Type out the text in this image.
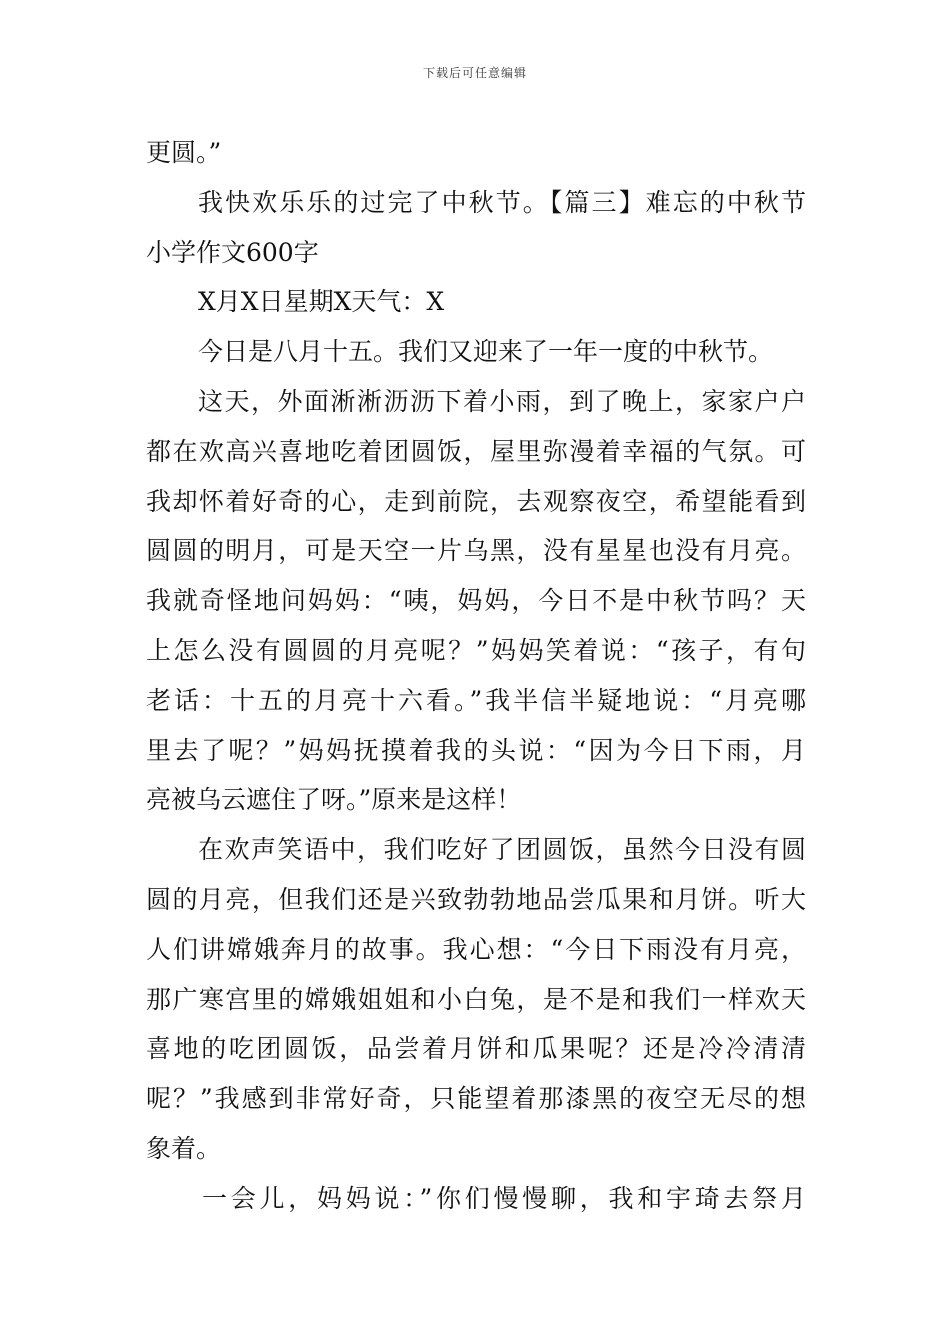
下载后可任意编辑
更圆。”
我快欢乐乐的过完了中秋节。【篇三】难忘的中秋节
小学作文600字
X月X日星期X天气：X
今日是八月十五。我们又迎来了一年一度的中秋节。
这天，外面淅淅沥沥下着小雨，到了晚上，家家户户
都在欢高兴喜地吃着团圆饭，屋里弥漫着幸福的气氛。可
我却怀着好奇的心，走到前院，去观察夜空，希望能看到
圆圆的明月，可是天空一片乌黑，没有星星也没有月亮。
我就奇怪地问妈妈：“咦，妈妈，今日不是中秋节吗？天
上怎么没有圆圆的月亮呢？”妈妈笑着说：“孩子，有句
老话：十五的月亮十六看。”我半信半疑地说：“月亮哪
里去了呢？”妈妈抚摸着我的头说：“因为今日下雨，月
亮被乌云遮住了呀。”原来是这样！
在欢声笑语中，我们吃好了团圆饭，虽然今日没有圆
圆的月亮，但我们还是兴致勃勃地品尝瓜果和月饼。听大
人们讲嫦娥奔月的故事。我心想：“今日下雨没有月亮，
那广寒宫里的嫦娥姐姐和小白兔，是不是和我们一样欢天
喜地的吃团圆饭，品尝着月饼和瓜果呢？还是冷冷清清
呢？”我感到非常好奇，只能望着那漆黑的夜空无尽的想
象着。
一会儿，妈妈说：”你们慢慢聊，我和宇琦去祭月
